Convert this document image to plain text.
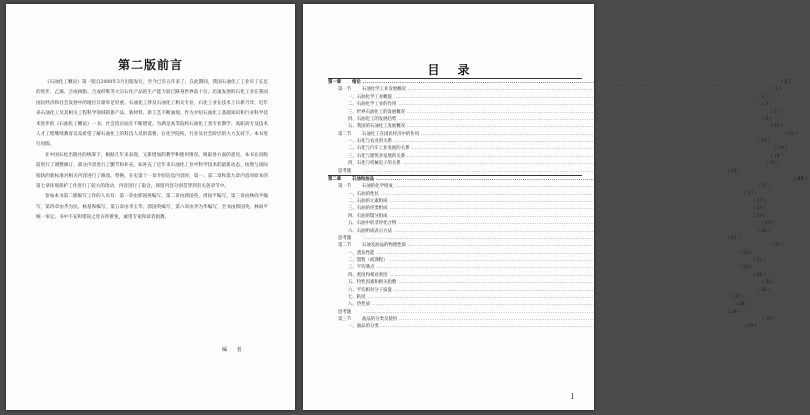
第二版前言

《石油化工概论》第一版自2000年3月出版发行，至今已有五年多了。在此期间，我国石油化工工业有了长足的进步，乙烯、合成树脂、合成纤维等大宗石化产品的生产能力较已跻身世界前十位。迅速发展的石化工业在我国国民经济和社会发展中的地位日渐举足轻重。石油化工涉及石油化工相关专业，石化工业在技术上日新月异，近年来石油化工及其相关工程科学领域的新产品、新材料、新工艺不断涌现。作为介绍石油化工基础知识和行业科学技术进步的《石油化工概论》一书，社会适应面在不断增宽。为满足高等院校石油化工类专业教学、高职高专及技术人才工程继续教育以及希望了解石油化工的科技人员的需要，在化学院校、行业及社会阶层的大力支持下，本书进行再版。

在中国石化出版社的统筹下，根据几年来表现，又新增加的教学和使用情况，吸取各方面的意见，本书在再版前进行了调整修订，部分内容进行了删节和补充。如补充了近年来石油化工业中科学技术的最新动态，按照与国际接轨的新标准对相关内容进行了修改、替换。在史第十一章介绍信息内容时，第一、第二章和第九章内容对原来的第七章环境保护工作进行了较大的改动，内容进行了取舍，保留内容分别贯穿到有关各章节中。

参加本书第二版编写工作的人员有：第一章由郭国英编写，第二章由郭国英、周国平编写，第三章由林尚平编写，第四章由齐为民、杨基和编写，第五章由李玉华、郭国英编写，第六章由李为华编写，全书由郭国英、林尚平统一审定。书中不妥和错误之处在所难免，诚望专家和读者指教。

编 者
目录
第一章	绪论 ........................................................................................................................................................................................................ （ 1 ）
第一节	石油化学工业发展概况 ........................................................................................................................................................................................................ （ 1 ）
一、石油化学工业概貌 ........................................................................................................................................................................................................ （ 1 ）
二、石油化学工业的作用 ........................................................................................................................................................................................................ （ 3 ）
三、世界石油化工的发展概况 ........................................................................................................................................................................................................ （ 5 ）
四、石油化工的发展趋势 ........................................................................................................................................................................................................ （ 8 ）
五、我国的石油化工发展概况 ........................................................................................................................................................................................................ （ 10 ）
第二节	石油化工在国民经济中的作用 ........................................................................................................................................................................................................ （ 13 ）
一、石化与农业的关系 ........................................................................................................................................................................................................ （ 13 ）
二、石化与汽车工业发展的关系 ........................................................................................................................................................................................................ （ 14 ）
三、石化与建筑业发展的关系 ........................................................................................................................................................................................................ （ 14 ）
四、石化与机械电子的关系 ........................................................................................................................................................................................................ （ 15 ）
思考题	........................................................................................................................................................................................................ （ 16 ）
第二章	石油和油品 ........................................................................................................................................................................................................ （ 17 ）
第一节	石油的化学组成 ........................................................................................................................................................................................................ （ 17 ）
一、石油的性状 ........................................................................................................................................................................................................ （ 17 ）
二、石油的元素组成 ........................................................................................................................................................................................................ （ 17 ）
三、石油的烃类组成 ........................................................................................................................................................................................................ （ 18 ）
四、石油的馏分组成 ........................................................................................................................................................................................................ （ 19 ）
五、石油中的非烃化合物 ........................................................................................................................................................................................................ （ 19 ）
六、石油组成表示方法 ........................................................................................................................................................................................................ （ 20 ）
思考题	........................................................................................................................................................................................................ （ 21 ）
第二节	石油及油品的物理性质 ........................................................................................................................................................................................................ （ 21 ）
一、蒸发性能 ........................................................................................................................................................................................................ （ 22 ）
二、馏程（或沸程） ........................................................................................................................................................................................................ （ 22 ）
三、平均沸点 ........................................................................................................................................................................................................ （ 23 ）
四、密度和相对密度 ........................................................................................................................................................................................................ （ 24 ）
五、特性因素和相关指数 ........................................................................................................................................................................................................ （ 25 ）
六、平均相对分子质量 ........................................................................................................................................................................................................ （ 26 ）
七、粘度 ........................................................................................................................................................................................................ （ 27 ）
八、热性质 ........................................................................................................................................................................................................ （ 28 ）
思考题	........................................................................................................................................................................................................ （ 29 ）
第三节	油品的分类及使用 ........................................................................................................................................................................................................ （ 29 ）
一、油品的分类 ........................................................................................................................................................................................................ （ 29 ）
I
